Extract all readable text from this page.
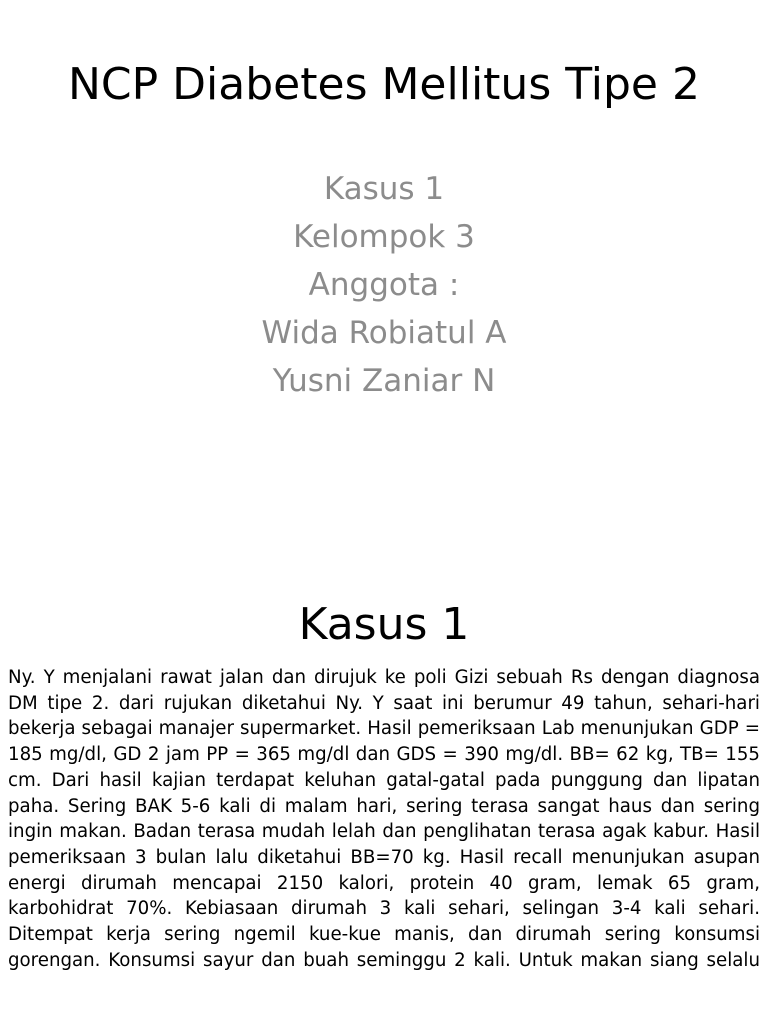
NCP Diabetes Mellitus Tipe 2
Kasus 1
Kelompok 3
Anggota :
Wida Robiatul A
Yusni Zaniar N
Kasus 1

Ny. Y menjalani rawat jalan dan dirujuk ke poli Gizi sebuah Rs dengan diagnosa DM tipe 2. dari rujukan diketahui Ny. Y saat ini berumur 49 tahun, sehari-hari bekerja sebagai manajer supermarket. Hasil pemeriksaan Lab menunjukan GDP = 185 mg/dl, GD 2 jam PP = 365 mg/dl dan GDS = 390 mg/dl. BB= 62 kg, TB= 155 cm. Dari hasil kajian terdapat keluhan gatal-gatal pada punggung dan lipatan paha. Sering BAK 5-6 kali di malam hari, sering terasa sangat haus dan sering ingin makan. Badan terasa mudah lelah dan penglihatan terasa agak kabur. Hasil pemeriksaan 3 bulan lalu diketahui BB=70 kg. Hasil recall menunjukan asupan energi dirumah mencapai 2150 kalori, protein 40 gram, lemak 65 gram, karbohidrat 70%. Kebiasaan dirumah 3 kali sehari, selingan 3-4 kali sehari. Ditempat kerja sering ngemil kue-kue manis, dan dirumah sering konsumsi gorengan. Konsumsi sayur dan buah seminggu 2 kali. Untuk makan siang selalu
